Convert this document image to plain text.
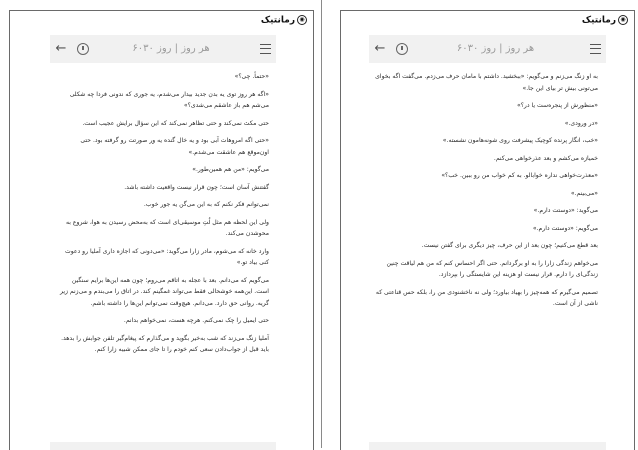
◉رمانتیک
←	هر روز | روز ۶۰۳۰

«حتماً. چی؟»

«اگه هر روز توی یه بدن جدید بیدار می‌شدم، یه جوری که ندونی فردا چه شکلی می‌شم هم باز عاشقم می‌شدی؟»

حتی مکث نمی‌کند و حتی تظاهر نمی‌کند که این سؤال برایش عجیب است.

«حتی اگه امروهات آبی بود و یه خال گنده یه ور صورتت رو گرفته بود. حتی اون‌موقع هم عاشقت می‌شدم.»

می‌گویم: «من هم همین‌طور.»

گفتنش آسان است؛ چون قرار نیست واقعیت داشته باشد.

نمی‌توانم فکر نکنم که به این می‌گن یه جور خوب.

ولی این لحظه هم مثل لُتِ موسیقی‌ای است که به‌محض رسیدن به هوا، شروع به محوشدن می‌کند.

وارد خانه که می‌شوم، مادر زارا می‌گوید: «می‌دونی که اجازه داری آملیا رو دعوت کنی بیاد تو.»

می‌گویم که می‌دانم. بعد با عجله به اتاقم می‌روم؛ چون همه این‌ها برایم سنگین است. این‌همه خوشحالی فقط می‌تواند غمگینم کند. در اتاق را می‌بندم و می‌زنم زیر گریه. روانی حق دارد. می‌دانم. هیچ‌وقت نمی‌توانم این‌ها را داشته باشم.

حتی ایمیل را چک نمی‌کنم. هرچه هست، نمی‌خواهم بدانم.

آملیا زنگ می‌زند که شب به‌خیر بگوید و می‌گذارم که پیغام‌گیر تلفن جوابش را بدهد. باید قبل از جواب‌دادن سعی کنم خودم را تا جای ممکن شبیه زارا کنم.

◉رمانتیک
←	هر روز | روز ۶۰۳۰

به او زنگ می‌زنم و می‌گویم: «ببخشید. داشتم با مامان حرف می‌زدم. می‌گفت اگه بخوای می‌تونی بیش تر بیای این جا.»

«منظورش از پنجره‌ست یا در؟»

«در ورودی.»

«خب، انگار پرنده کوچیک پیشرفت روی شونه‌هامون نشسته.»

خمیازه می‌کشم و بعد عذرخواهی می‌کنم.

«معذرت‌خواهی نداره خوابالو. به کم خواب من رو ببین. خب؟»

«می‌بینم.»

می‌گوید: «دوستت دارم.»

می‌گویم: «دوستت دارم.»

بعد قطع می‌کنیم؛ چون بعد از این حرف، چیز دیگری برای گفتن نیست.

می‌خواهم زندگی زارا را به او برگردانم. حتی اگر احساس کنم که من هم لیاقت چنین زندگی‌ای را دارم. قرار نیست او هزینه این شایستگی را بپردازد.

تصمیم می‌گیرم که همه‌چیز را بهیاد بیاورد؛ ولی نه ناخشنودی من را، بلکه حس قناعتی که ناشی از آن است.
